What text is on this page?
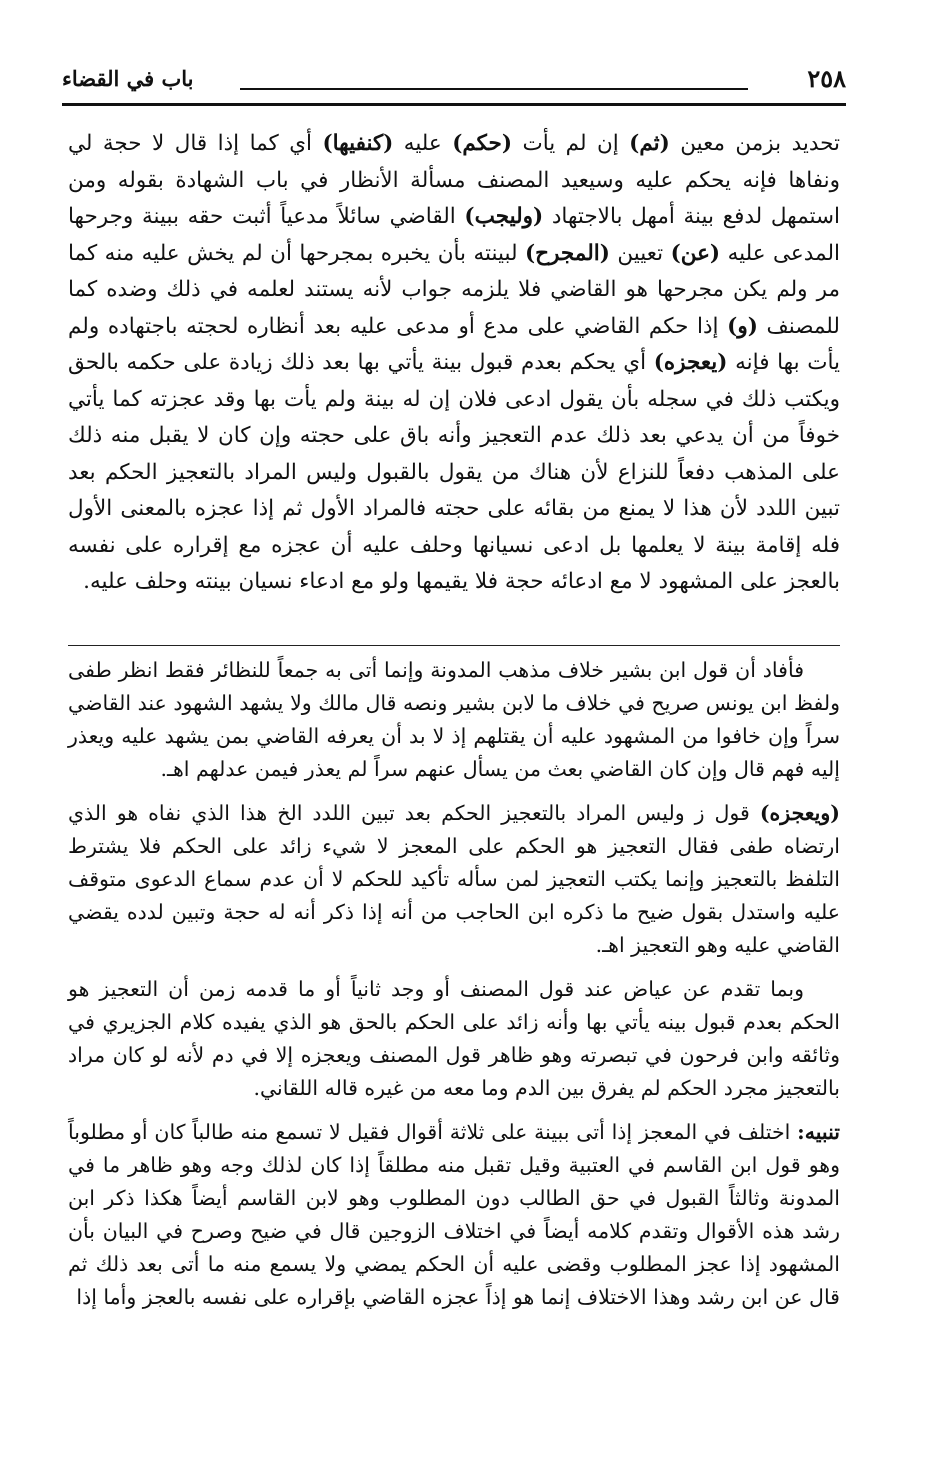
٢٥٨
باب في القضاء

تحديد بزمن معين (ثم) إن لم يأت (حكم) عليه (كنفيها) أي كما إذا قال لا حجة لي ونفاها فإنه يحكم عليه وسيعيد المصنف مسألة الأنظار في باب الشهادة بقوله ومن استمهل لدفع بينة أمهل بالاجتهاد (وليجب) القاضي سائلاً مدعياً أثبت حقه ببينة وجرحها المدعى عليه (عن) تعيين (المجرح) لبينته بأن يخبره بمجرحها أن لم يخش عليه منه كما مر ولم يكن مجرحها هو القاضي فلا يلزمه جواب لأنه يستند لعلمه في ذلك وضده كما للمصنف (و) إذا حكم القاضي على مدع أو مدعى عليه بعد أنظاره لحجته باجتهاده ولم يأت بها فإنه (يعجزه) أي يحكم بعدم قبول بينة يأتي بها بعد ذلك زيادة على حكمه بالحق ويكتب ذلك في سجله بأن يقول ادعى فلان إن له بينة ولم يأت بها وقد عجزته كما يأتي خوفاً من أن يدعي بعد ذلك عدم التعجيز وأنه باق على حجته وإن كان لا يقبل منه ذلك على المذهب دفعاً للنزاع لأن هناك من يقول بالقبول وليس المراد بالتعجيز الحكم بعد تبين اللدد لأن هذا لا يمنع من بقائه على حجته فالمراد الأول ثم إذا عجزه بالمعنى الأول فله إقامة بينة لا يعلمها بل ادعى نسيانها وحلف عليه أن عجزه مع إقراره على نفسه بالعجز على المشهود لا مع ادعائه حجة فلا يقيمها ولو مع ادعاء نسيان بينته وحلف عليه.

فأفاد أن قول ابن بشير خلاف مذهب المدونة وإنما أتى به جمعاً للنظائر فقط انظر طفى ولفظ ابن يونس صريح في خلاف ما لابن بشير ونصه قال مالك ولا يشهد الشهود عند القاضي سراً وإن خافوا من المشهود عليه أن يقتلهم إذ لا بد أن يعرفه القاضي بمن يشهد عليه ويعذر إليه فهم قال وإن كان القاضي بعث من يسأل عنهم سراً لم يعذر فيمن عدلهم اهـ.

(ويعجزه) قول ز وليس المراد بالتعجيز الحكم بعد تبين اللدد الخ هذا الذي نفاه هو الذي ارتضاه طفى فقال التعجيز هو الحكم على المعجز لا شيء زائد على الحكم فلا يشترط التلفظ بالتعجيز وإنما يكتب التعجيز لمن سأله تأكيد للحكم لا أن عدم سماع الدعوى متوقف عليه واستدل بقول ضيح ما ذكره ابن الحاجب من أنه إذا ذكر أنه له حجة وتبين لدده يقضي القاضي عليه وهو التعجيز اهـ.

وبما تقدم عن عياض عند قول المصنف أو وجد ثانياً أو ما قدمه زمن أن التعجيز هو الحكم بعدم قبول بينه يأتي بها وأنه زائد على الحكم بالحق هو الذي يفيده كلام الجزيري في وثائقه وابن فرحون في تبصرته وهو ظاهر قول المصنف ويعجزه إلا في دم لأنه لو كان مراد بالتعجيز مجرد الحكم لم يفرق بين الدم وما معه من غيره قاله اللقاني.

تنبيه: اختلف في المعجز إذا أتى ببينة على ثلاثة أقوال فقيل لا تسمع منه طالباً كان أو مطلوباً وهو قول ابن القاسم في العتبية وقيل تقبل منه مطلقاً إذا كان لذلك وجه وهو ظاهر ما في المدونة وثالثاً القبول في حق الطالب دون المطلوب وهو لابن القاسم أيضاً هكذا ذكر ابن رشد هذه الأقوال وتقدم كلامه أيضاً في اختلاف الزوجين قال في ضيح وصرح في البيان بأن المشهود إذا عجز المطلوب وقضى عليه أن الحكم يمضي ولا يسمع منه ما أتى بعد ذلك ثم قال عن ابن رشد وهذا الاختلاف إنما هو إذاً عجزه القاضي بإقراره على نفسه بالعجز وأما إذا
